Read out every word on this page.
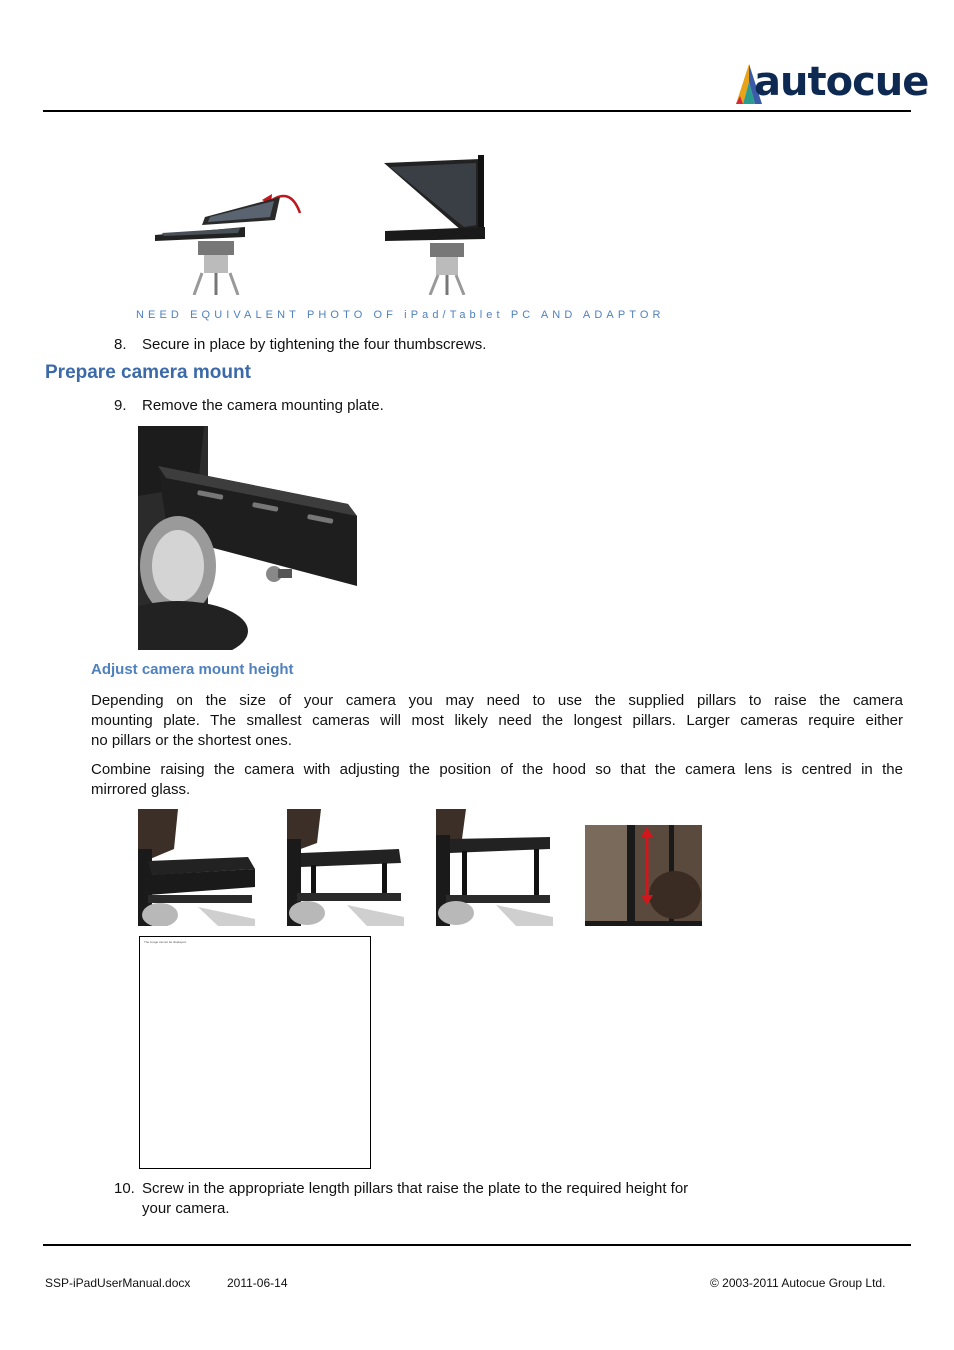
autocue
NEED EQUIVALENT PHOTO OF iPad/Tablet PC AND ADAPTOR
8. Secure in place by tightening the four thumbscrews.
Prepare camera mount
9. Remove the camera mounting plate.
Adjust camera mount height
Depending on the size of your camera you may need to use the supplied pillars to raise the camera
mounting plate. The smallest cameras will most likely need the longest pillars. Larger cameras require either
no pillars or the shortest ones.
Combine raising the camera with adjusting the position of the hood so that the camera lens is centred in the
mirrored glass.
The image cannot be displayed.
10. Screw in the appropriate length pillars that raise the plate to the required height for
your camera.
SSP-iPadUserManual.docx	2011-06-14	© 2003-2011 Autocue Group Ltd.
